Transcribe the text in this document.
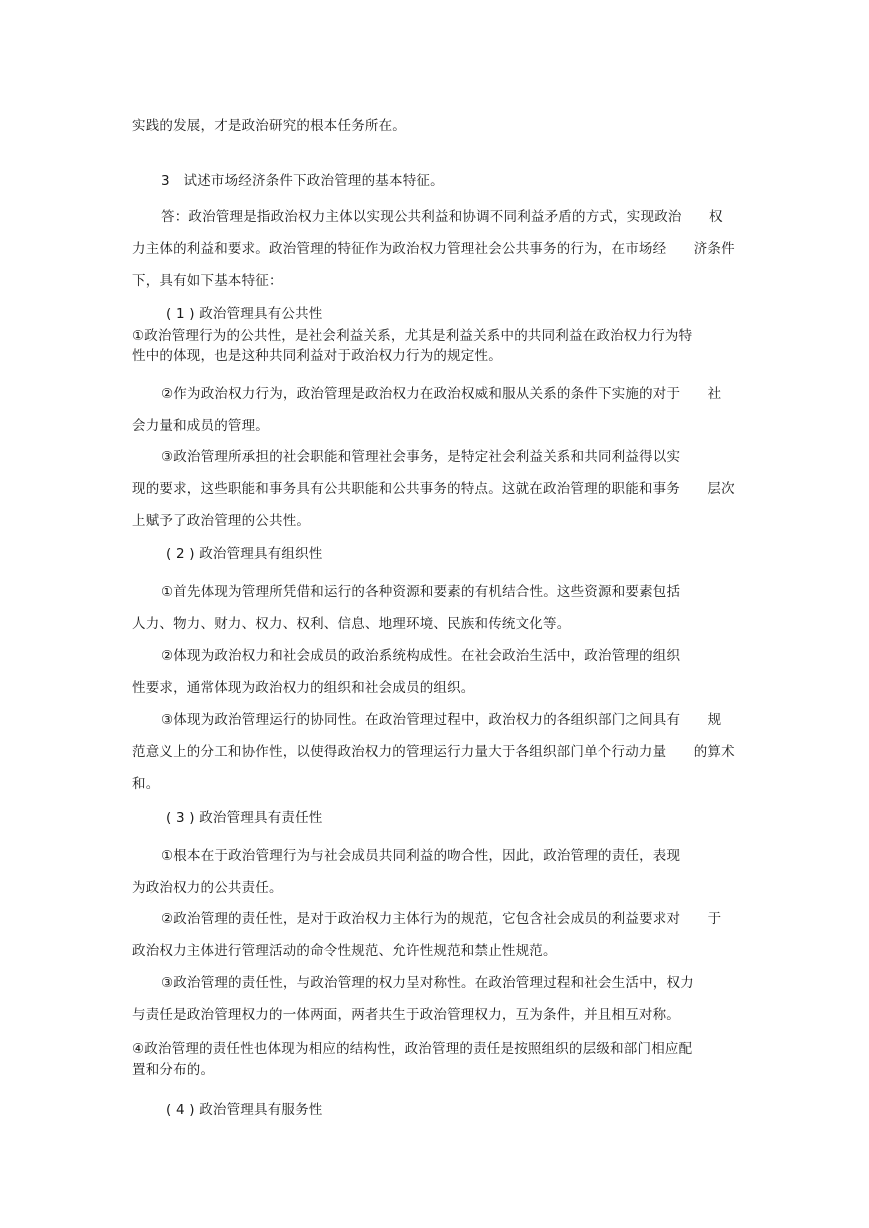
实践的发展，才是政治研究的根本任务所在。
3　试述市场经济条件下政治管理的基本特征。
答：政治管理是指政治权力主体以实现公共利益和协调不同利益矛盾的方式，实现政治　　权
力主体的利益和要求。政治管理的特征作为政治权力管理社会公共事务的行为，在市场经　　济条件
下，具有如下基本特征：
( 1 ) 政治管理具有公共性
①政治管理行为的公共性，是社会利益关系，尤其是利益关系中的共同利益在政治权力行为特
性中的体现，也是这种共同利益对于政治权力行为的规定性。
②作为政治权力行为，政治管理是政治权力在政治权威和服从关系的条件下实施的对于　　社
会力量和成员的管理。
③政治管理所承担的社会职能和管理社会事务，是特定社会利益关系和共同利益得以实
现的要求，这些职能和事务具有公共职能和公共事务的特点。这就在政治管理的职能和事务　　层次
上赋予了政治管理的公共性。
( 2 ) 政治管理具有组织性
①首先体现为管理所凭借和运行的各种资源和要素的有机结合性。这些资源和要素包括
人力、物力、财力、权力、权利、信息、地理环境、民族和传统文化等。
②体现为政治权力和社会成员的政治系统构成性。在社会政治生活中，政治管理的组织
性要求，通常体现为政治权力的组织和社会成员的组织。
③体现为政治管理运行的协同性。在政治管理过程中，政治权力的各组织部门之间具有　　规
范意义上的分工和协作性，以使得政治权力的管理运行力量大于各组织部门单个行动力量　　的算术
和。
( 3 ) 政治管理具有责任性
①根本在于政治管理行为与社会成员共同利益的吻合性，因此，政治管理的责任，表现
为政治权力的公共责任。
②政治管理的责任性，是对于政治权力主体行为的规范，它包含社会成员的利益要求对　　于
政治权力主体进行管理活动的命令性规范、允许性规范和禁止性规范。
③政治管理的责任性，与政治管理的权力呈对称性。在政治管理过程和社会生活中，权力
与责任是政治管理权力的一体两面，两者共生于政治管理权力，互为条件，并且相互对称。
④政治管理的责任性也体现为相应的结构性，政治管理的责任是按照组织的层级和部门相应配
置和分布的。
( 4 ) 政治管理具有服务性
